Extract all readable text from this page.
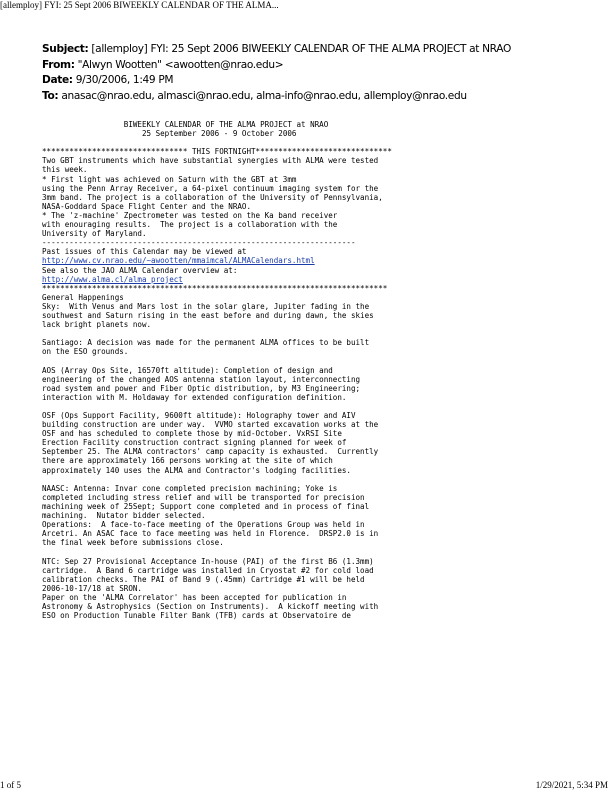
[allemploy] FYI: 25 Sept 2006 BIWEEKLY CALENDAR OF THE ALMA...
Subject: [allemploy] FYI: 25 Sept 2006 BIWEEKLY CALENDAR OF THE ALMA PROJECT at NRAO
From: "Alwyn Wootten" <awootten@nrao.edu>
Date: 9/30/2006, 1:49 PM
To: anasac@nrao.edu, almasci@nrao.edu, alma-info@nrao.edu, allemploy@nrao.edu
BIWEEKLY CALENDAR OF THE ALMA PROJECT at NRAO
25 September 2006 - 9 October 2006

******************************** THIS FORTNIGHT******************************
Two GBT instruments which have substantial synergies with ALMA were tested
this week.
* First light was achieved on Saturn with the GBT at 3mm
using the Penn Array Receiver, a 64-pixel continuum imaging system for the
3mm band. The project is a collaboration of the University of Pennsylvania,
NASA-Goddard Space Flight Center and the NRAO.
* The 'z-machine' Zpectrometer was tested on the Ka band receiver
with enouraging results.  The project is a collaboration with the
University of Maryland.
---------------------------------------------------------------------
Past issues of this Calendar may be viewed at
http://www.cv.nrao.edu/~awootten/mmaimcal/ALMACalendars.html
See also the JAO ALMA Calendar overview at:
http://www.alma.cl/alma_project
****************************************************************************
General Happenings
Sky:  With Venus and Mars lost in the solar glare, Jupiter fading in the
southwest and Saturn rising in the east before and during dawn, the skies
lack bright planets now.

Santiago: A decision was made for the permanent ALMA offices to be built
on the ESO grounds.

AOS (Array Ops Site, 16570ft altitude): Completion of design and
engineering of the changed AOS antenna station layout, interconnecting
road system and power and Fiber Optic distribution, by M3 Engineering;
interaction with M. Holdaway for extended configuration definition.

OSF (Ops Support Facility, 9600ft altitude): Holography tower and AIV
building construction are under way.  VVMO started excavation works at the
OSF and has scheduled to complete those by mid-October. VxRSI Site
Erection Facility construction contract signing planned for week of
September 25. The ALMA contractors' camp capacity is exhausted.  Currently
there are approximately 166 persons working at the site of which
approximately 140 uses the ALMA and Contractor's lodging facilities.

NAASC: Antenna: Invar cone completed precision machining; Yoke is
completed including stress relief and will be transported for precision
machining week of 25Sept; Support cone completed and in process of final
machining.  Nutator bidder selected.
Operations:  A face-to-face meeting of the Operations Group was held in
Arcetri. An ASAC face to face meeting was held in Florence.  DRSP2.0 is in
the final week before submissions close.

NTC: Sep 27 Provisional Acceptance In-house (PAI) of the first B6 (1.3mm)
cartridge.  A Band 6 cartridge was installed in Cryostat #2 for cold load
calibration checks. The PAI of Band 9 (.45mm) Cartridge #1 will be held
2006-10-17/18 at SRON.
Paper on the 'ALMA Correlator' has been accepted for publication in
Astronomy & Astrophysics (Section on Instruments).  A kickoff meeting with
ESO on Production Tunable Filter Bank (TFB) cards at Observatoire de
1 of 5	1/29/2021, 5:34 PM
